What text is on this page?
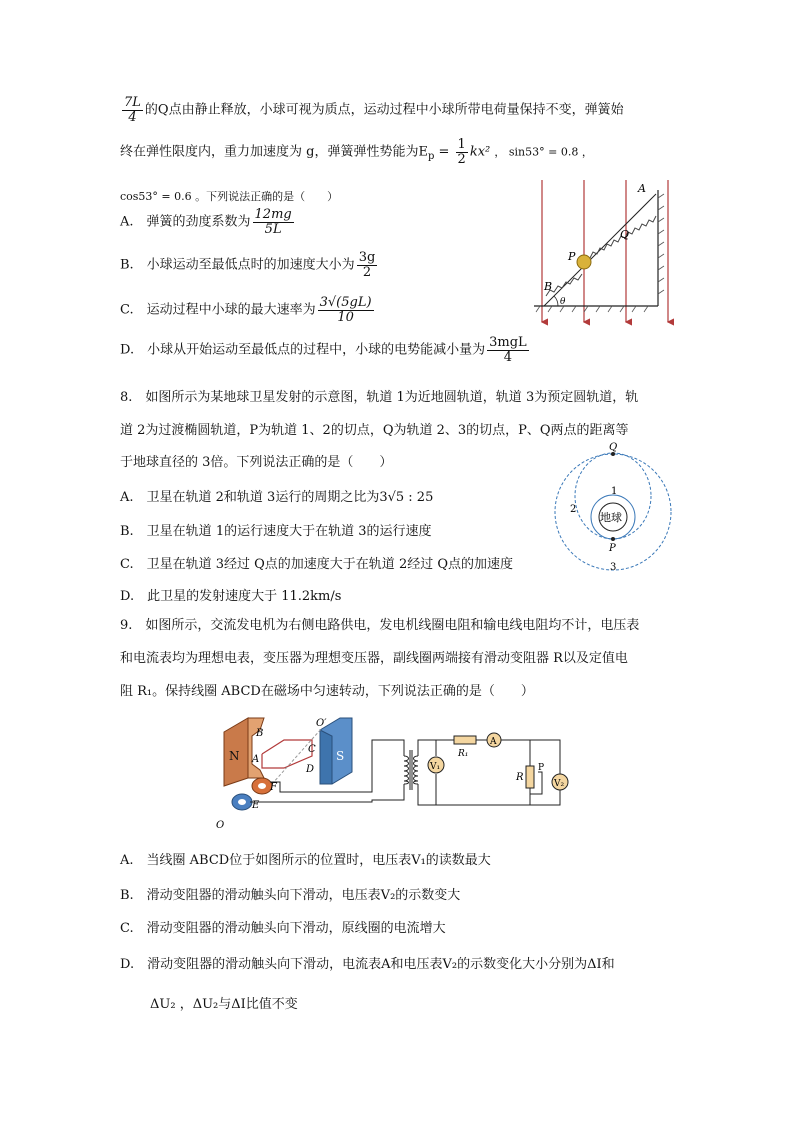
$\frac{7L}{4}$ 的Q点由静止释放，小球可视为质点，运动过程中小球所带电荷量保持不变，弹簧始
终在弹性限度内，重力加速度为 g，弹簧弹性势能为$E_p = \frac{1}{2} kx^2$ ， sin53° = 0.8 ，
cos53° = 0.6 。下列说法正确的是（　　）
A.　弹簧的劲度系数为 $\frac{12mg}{5L}$
B.　小球运动至最低点时的加速度大小为 $\frac{3g}{2}$
C.　运动过程中小球的最大速率为 $\frac{3√(5gL)}{10}$
D.　小球从开始运动至最低点的过程中，小球的电势能减小量为 $\frac{\text{3mgL}}{4}$
A
Q
P
B
θ
8.　如图所示为某地球卫星发射的示意图，轨道 1为近地圆轨道，轨道 3为预定圆轨道，轨
道 2为过渡椭圆轨道，P为轨道 1、2的切点，Q为轨道 2、3的切点，P、Q两点的距离等
于地球直径的 3倍。下列说法正确的是（　　）
A.　卫星在轨道 2和轨道 3运行的周期之比为3√5 : 25
B.　卫星在轨道 1的运行速度大于在轨道 3的运行速度
C.　卫星在轨道 3经过 Q点的加速度大于在轨道 2经过 Q点的加速度
D.　此卫星的发射速度大于 11.2km/s
Q
P
地球
1
2
3
9.　如图所示，交流发电机为右侧电路供电，发电机线圈电阻和输电线电阻均不计，电压表
和电流表均为理想电表，变压器为理想变压器，副线圈两端接有滑动变阻器 R以及定值电
阻 R₁。保持线圈 ABCD在磁场中匀速转动，下列说法正确的是（　　）
N	S
B
A
C
D
F
E
O
O′
V₁
R₁
A
R
P
V₂
A.　当线圈 ABCD位于如图所示的位置时，电压表V₁的读数最大
B.　滑动变阻器的滑动触头向下滑动，电压表V₂的示数变大
C.　滑动变阻器的滑动触头向下滑动，原线圈的电流增大
D.　滑动变阻器的滑动触头向下滑动，电流表A和电压表V₂的示数变化大小分别为ΔI和
ΔU₂ ，ΔU₂与ΔI比值不变
